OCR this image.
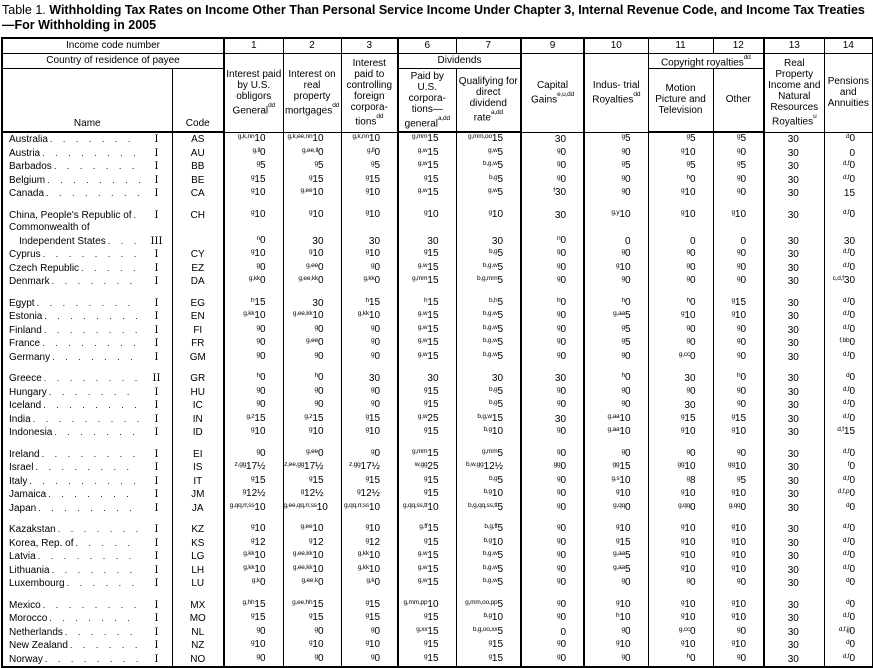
Table 1. Withholding Tax Rates on Income Other Than Personal Service Income Under Chapter 3, Internal Revenue Code, and Income Tax Treaties—For Withholding in 2005
Income code number		1	2	3	6	7	9	10	11	12	13	14
Country of residence of payee		Interest paid by U.S. obligors General$^{dd}$	Interest on real property mortgages$^{dd}$	Interest paid to controlling foreign corpora- tions$^{dd}$	Dividends		Capital Gains$^{e,u,dd}$	Indus- trial Royalties$^{dd}$	Copyright royalties$^{dd}$		Real Property Income and Natural Resources Royalties$^u$	Pensions and Annuities
Name	Code				Paid by U.S. corpora- tions— general$^{a,dd}$	Qualifying for direct dividend rate$^{a,dd}$			Motion Picture and Television	Other		

Australia . . . I	AS	$^{g,k,nn}$10	$^{g,k,ee,nn}$10	$^{g,k,nn}$10	$^{g,mm}$15	$^{g,mm,oo}$15	30	$^g$5	$^g$5	$^g$5	30	$^d$0

Austria . . . I	AU	$^{g,ll}$0	$^{g,ee,ll}$0	$^{g,ll}$0	$^{g,w}$15	$^{g,w}$5	$^g$0	$^g$0	$^g$10	$^g$0	30	0

Barbados . . . I	BB	$^g$5	$^g$5	$^g$5	$^{g,w}$15	$^{b,g,w}$5	$^g$0	$^g$5	$^g$5	$^g$5	30	$^{d,f}$0

Belgium . . . I	BE	$^g$15	$^g$15	$^g$15	$^g$15	$^{b,g}$5	$^g$0	$^g$0	$^h$0	$^g$0	30	$^{d,f}$0

Canada . . . I	CA	$^g$10	$^{g,ee}$10	$^g$10	$^{g,w}$15	$^{g,w}$5	$^f$30	$^g$0	$^g$10	$^g$0	30	15

China, People's Republic of . . . I	CH	$^g$10	$^g$10	$^g$10	$^g$10	$^g$10	30	$^{g,y}$10	$^g$10	$^g$10	30	$^{d,f}$0

Commonwealth of
Independent States . . . III		$^n$0	30	30	30	30	$^n$0	0	0	0	30	30

Cyprus . . . I	CY	$^g$10	$^g$10	$^g$10	$^g$15	$^{b,g}$5	$^g$0	$^g$0	$^g$0	$^g$0	30	$^{d,f}$0

Czech Republic . . . I	EZ	$^g$0	$^{g,ee}$0	$^g$0	$^{g,w}$15	$^{b,g,w}$5	$^g$0	$^g$10	$^g$0	$^g$0	30	$^{d,f}$0

Denmark . . . I	DA	$^{g,kk}$0	$^{g,ee,kk}$0	$^{g,kk}$0	$^{g,mm}$15	$^{b,g,mm}$5	$^g$0	$^g$0	$^g$0	$^g$0	30	$^{c,d,f}$30

Egypt . . . I	EG	$^h$15	30	$^h$15	$^h$15	$^{b,h}$5	$^h$0	$^h$0	$^h$0	$^g$15	30	$^{d,f}$0

Estonia . . . I	EN	$^{g,kk}$10	$^{g,ee,kk}$10	$^{g,kk}$10	$^{g,w}$15	$^{b,g,w}$5	$^g$0	$^{g,aa}$5	$^g$10	$^g$10	30	$^{d,f}$0

Finland . . . I	FI	$^g$0	$^g$0	$^g$0	$^{g,w}$15	$^{b,g,w}$5	$^g$0	$^g$5	$^g$0	$^g$0	30	$^{d,f}$0

France . . . I	FR	$^g$0	$^{g,ee}$0	$^g$0	$^{g,w}$15	$^{b,g,w}$5	$^g$0	$^g$5	$^g$0	$^g$0	30	$^{f,bb}$0

Germany . . . I	GM	$^g$0	$^g$0	$^g$0	$^{g,w}$15	$^{b,g,w}$5	$^g$0	$^g$0	$^{g,cc}$0	$^g$0	30	$^{d,f}$0

Greece . . . II	GR	$^h$0	$^h$0	30	30	30	30	$^h$0	30	$^h$0	30	$^d$0

Hungary . . . I	HU	$^g$0	$^g$0	$^g$0	$^g$15	$^{b,g}$5	$^g$0	$^g$0	$^g$0	$^g$0	30	$^{d,f}$0

Iceland . . . I	IC	$^g$0	$^g$0	$^g$0	$^g$15	$^{b,g}$5	$^g$0	$^g$0	30	$^g$0	30	$^{d,f}$0

India . . . I	IN	$^{g,z}$15	$^{g,z}$15	$^g$15	$^{g,w}$25	$^{b,g,w}$15	30	$^{g,aa}$10	$^g$15	$^g$15	30	$^{d,f}$0

Indonesia . . . I	ID	$^g$10	$^g$10	$^g$10	$^g$15	$^{b,g}$10	$^g$0	$^{g,aa}$10	$^g$10	$^g$10	30	$^{d,f}$15

Ireland . . . I	EI	$^g$0	$^{g,ee}$0	$^g$0	$^{g,mm}$15	$^{g,mm}$5	$^g$0	$^g$0	$^g$0	$^g$0	30	$^{d,f}$0

Israel . . . I	IS	$^{z,gg}$17½	$^{z,ee,gg}$17½	$^{z,gg}$17½	$^{w,gg}$25	$^{b,w,gg}$12½	$^{gg}$0	$^{gg}$15	$^{gg}$10	$^{gg}$10	30	$^f$0

Italy . . . I	IT	$^g$15	$^g$15	$^g$15	$^g$15	$^{b,g}$5	$^g$0	$^{g,s}$10	$^g$8	$^g$5	30	$^{d,f}$0

Jamaica . . . I	JM	$^g$12½	$^g$12½	$^g$12½	$^g$15	$^{b,g}$10	$^g$0	$^g$10	$^g$10	$^g$10	30	$^{d,f,p}$0

Japan . . . I	JA	$^{g,qq,rr,ss}$10	$^{g,ee,qq,rr,ss}$10	$^{g,qq,rr,ss}$10	$^{g,qq,ss,tt}$10	$^{b,g,qq,ss,tt}$5	$^g$0	$^{g,qq}$0	$^{g,qq}$0	$^{g,qq}$0	30	$^d$0

Kazakstan . . . I	KZ	$^g$10	$^{g,ee}$10	$^g$10	$^{g,ff}$15	$^{b,g,ff}$5	$^g$0	$^g$10	$^g$10	$^g$10	30	$^{d,f}$0

Korea, Rep. of . . . I	KS	$^g$12	$^g$12	$^g$12	$^g$15	$^{b,g}$10	$^g$0	$^g$15	$^g$10	$^g$10	30	$^{d,f}$0

Latvia . . . I	LG	$^{g,kk}$10	$^{g,ee,kk}$10	$^{g,kk}$10	$^{g,w}$15	$^{b,g,w}$5	$^g$0	$^{g,aa}$5	$^g$10	$^g$10	30	$^{d,f}$0

Lithuania . . . I	LH	$^{g,kk}$10	$^{g,ee,kk}$10	$^{g,kk}$10	$^{g,w}$15	$^{b,g,w}$5	$^g$0	$^{g,aa}$5	$^g$10	$^g$10	30	$^{d,f}$0

Luxembourg . . . I	LU	$^{g,k}$0	$^{g,ee,k}$0	$^{g,k}$0	$^{g,w}$15	$^{b,g,w}$5	$^g$0	$^g$0	$^g$0	$^g$0	30	$^d$0

Mexico . . . I	MX	$^{g,hh}$15	$^{g,ee,hh}$15	$^g$15	$^{g,mm,pp}$10	$^{g,mm,oo,pp}$5	$^g$0	$^g$10	$^g$10	$^g$10	30	$^d$0

Morocco . . . I	MO	$^g$15	$^g$15	$^g$15	$^g$15	$^{b,g}$10	$^g$0	$^h$10	$^g$10	$^g$10	30	$^{d,f}$0

Netherlands . . . I	NL	$^g$0	$^g$0	$^g$0	$^{g,xx}$15	$^{b,g,oo,xx}$5	0	$^g$0	$^{g,cc}$0	$^g$0	30	$^{d,f,jj}$0

New Zealand . . . I	NZ	$^g$10	$^g$10	$^g$10	$^g$15	$^g$15	$^g$0	$^g$10	$^g$10	$^g$10	30	$^d$0

Norway . . . I	NO	$^g$0	$^g$0	$^g$0	$^g$15	$^g$15	$^g$0	$^g$0	$^h$0	$^g$0	30	$^{d,f}$0
